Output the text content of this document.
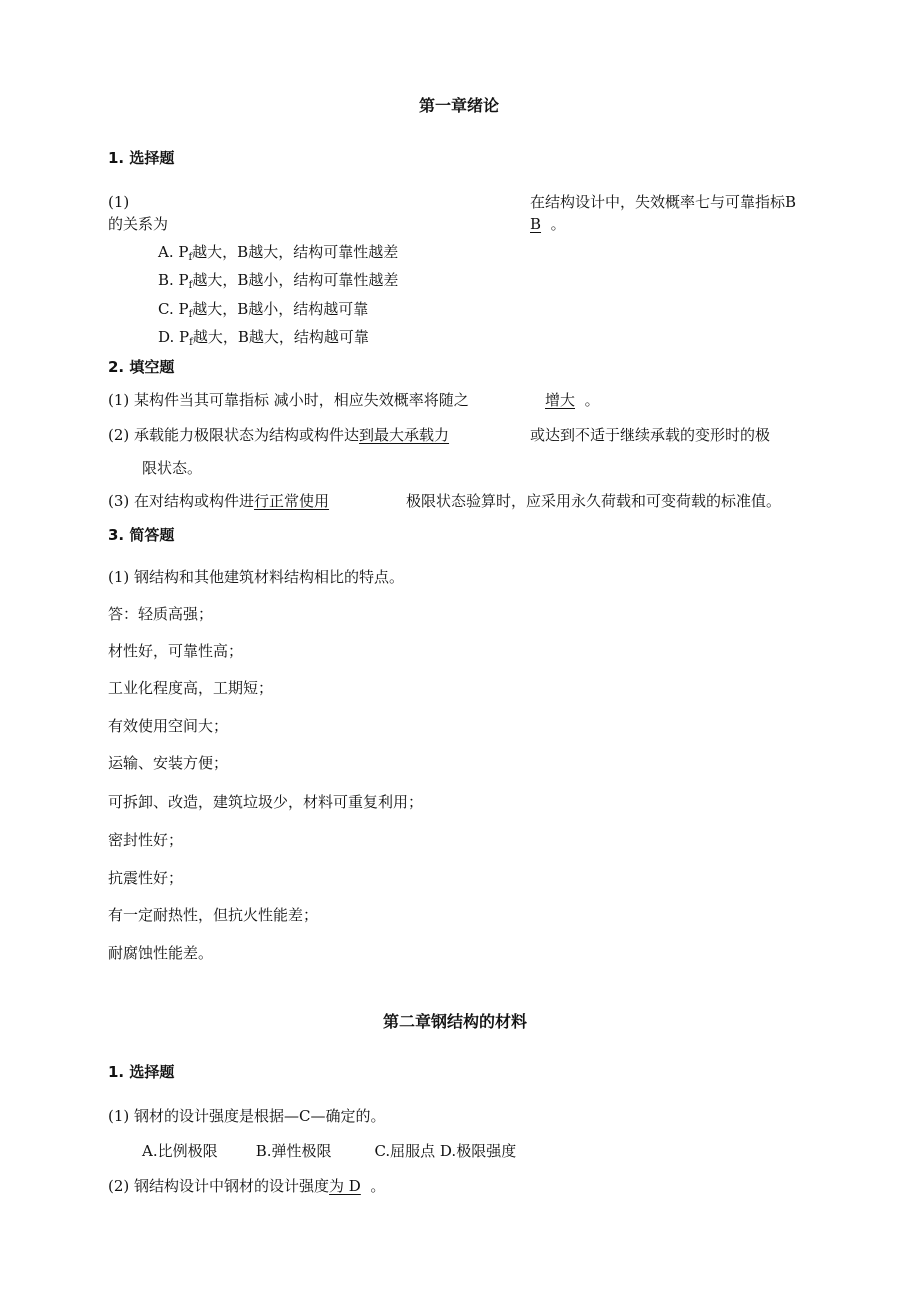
第一章绪论
1. 选择题
(1)	在结构设计中，失效概率七与可靠指标B
的关系为	B 。
A. $P_f$越大，B越大，结构可靠性越差
B. $P_f$越大，B越小，结构可靠性越差
C. $P_f$越大，B越小，结构越可靠
D. $P_f$越大，B越大，结构越可靠
2. 填空题
(1) 某构件当其可靠指标 减小时，相应失效概率将随之	增大 。
(2) 承载能力极限状态为结构或构件达到最大承载力	或达到不适于继续承载的变形时的极
限状态。
(3) 在对结构或构件进行正常使用	极限状态验算时，应采用永久荷载和可变荷载的标准值。
3. 简答题
(1) 钢结构和其他建筑材料结构相比的特点。
答：轻质高强；
材性好，可靠性高；
工业化程度高，工期短；
有效使用空间大；
运输、安装方便；
可拆卸、改造，建筑垃圾少，材料可重复利用；
密封性好；
抗震性好；
有一定耐热性，但抗火性能差；
耐腐蚀性能差。
第二章钢结构的材料
1. 选择题
(1) 钢材的设计强度是根据—C—确定的。
A.比例极限        B.弹性极限         C.屈服点 D.极限强度
(2) 钢结构设计中钢材的设计强度为 D 。
